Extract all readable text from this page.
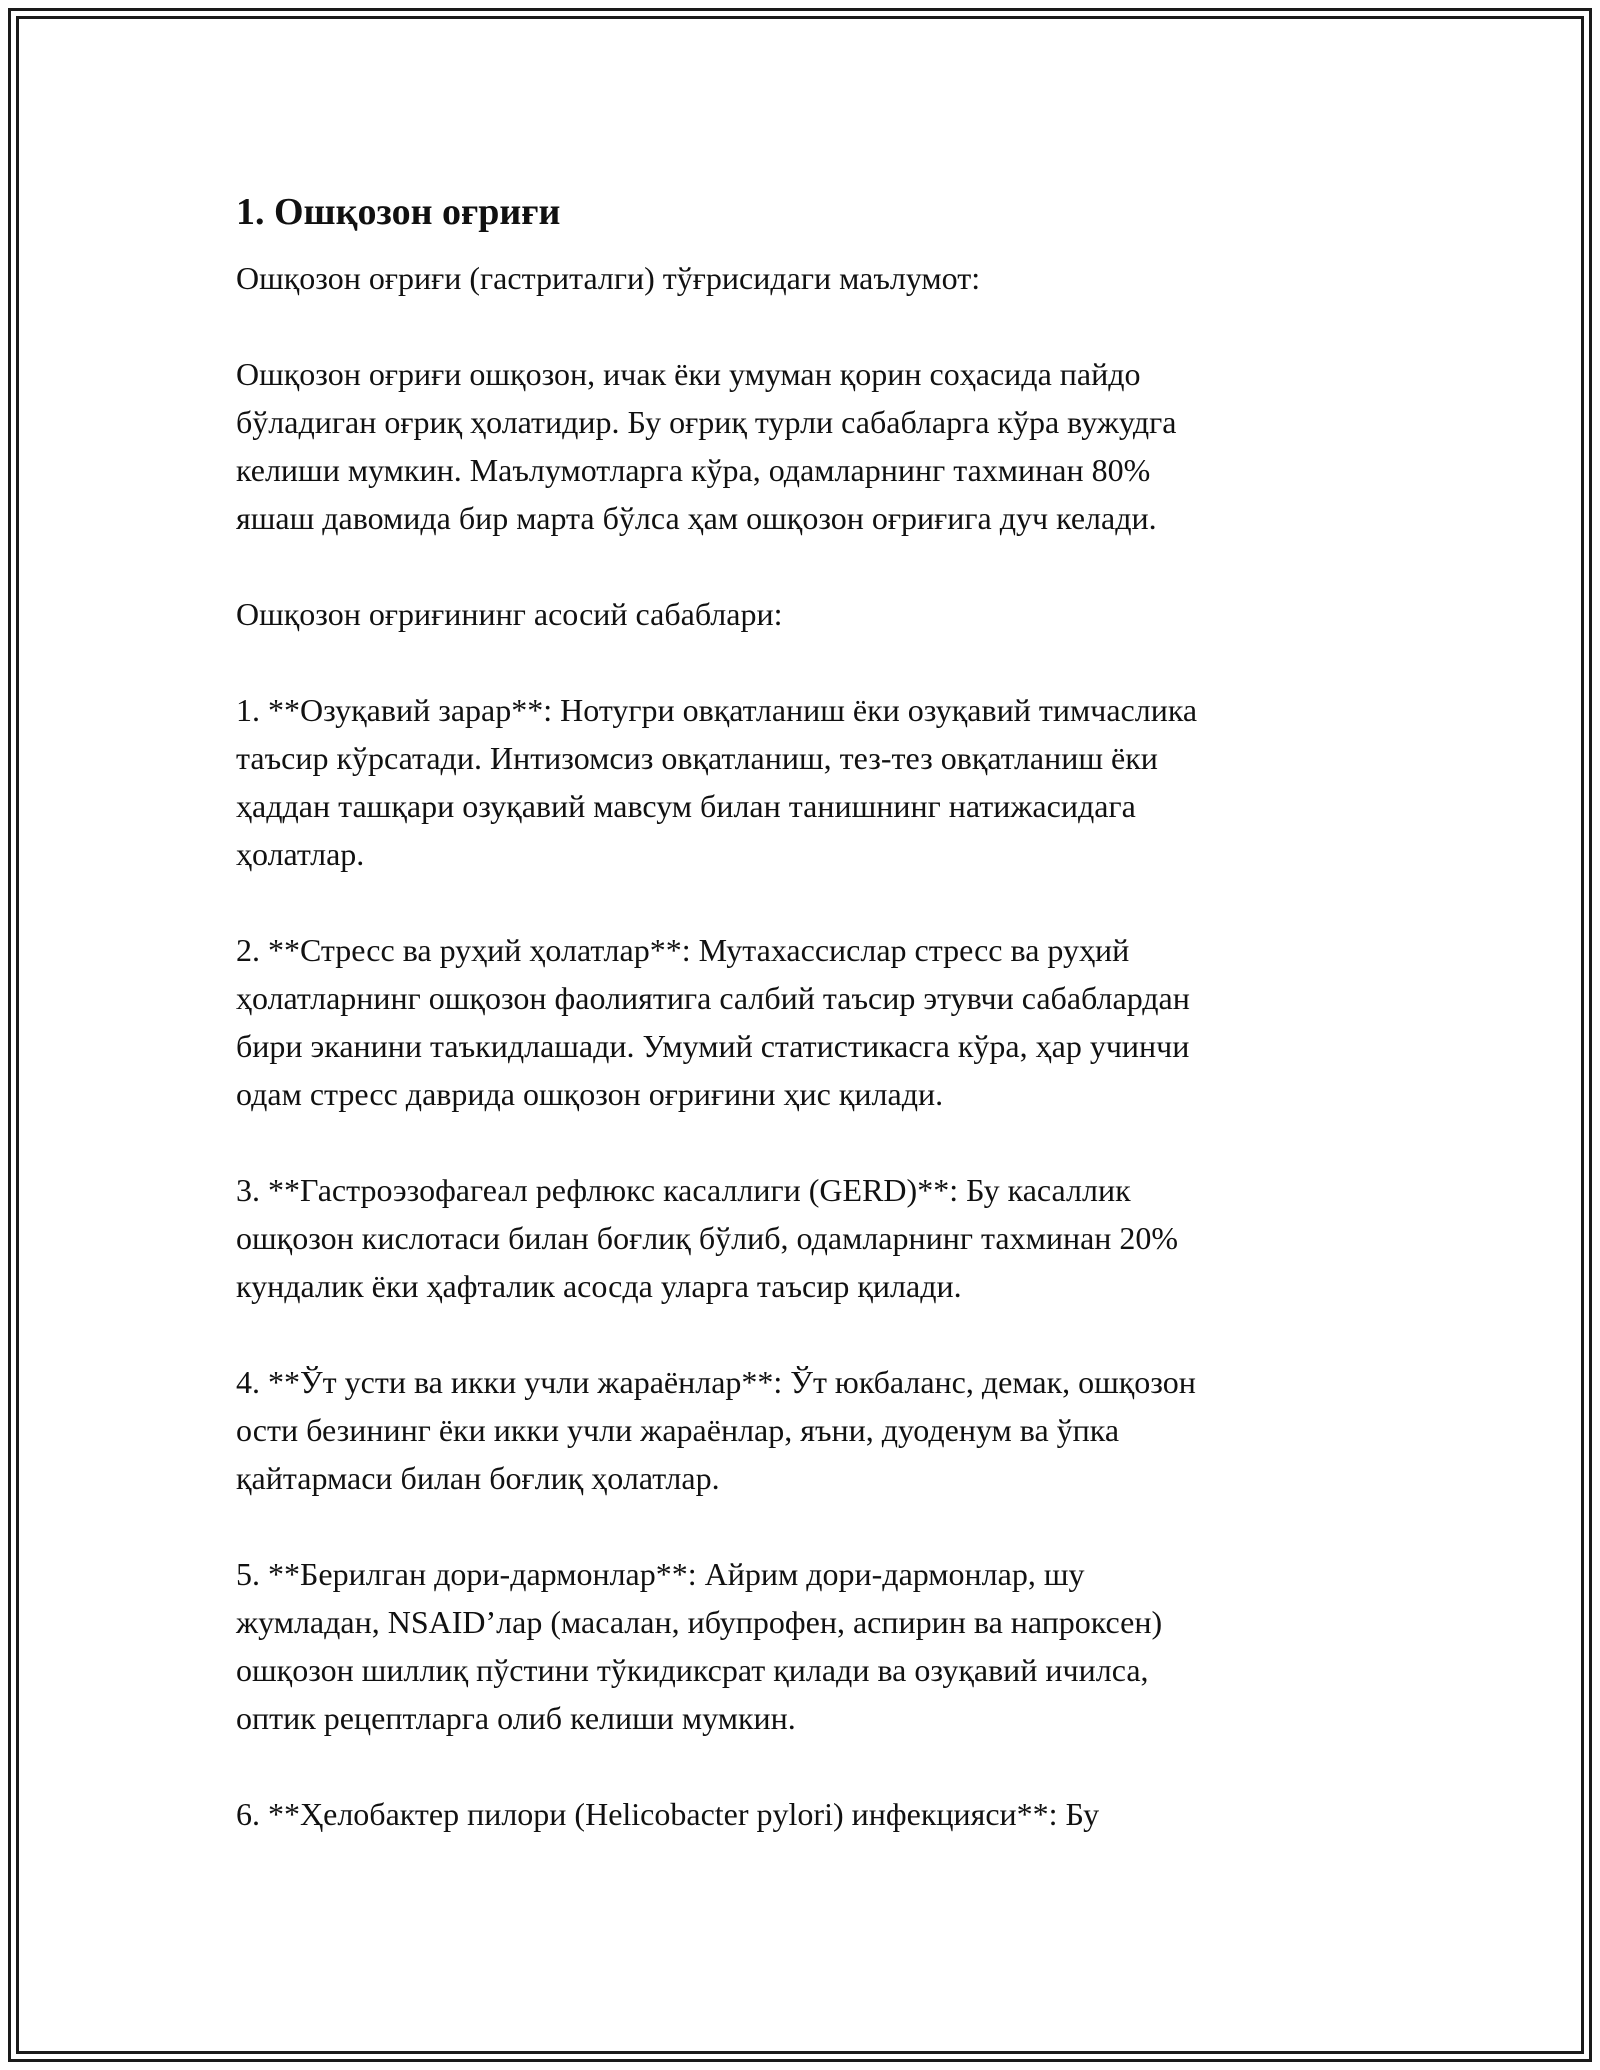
1. Ошқозон оғриғи

Ошқозон оғриғи (гастриталги) тўғрисидаги маълумот:

Ошқозон оғриғи ошқозон, ичак ёки умуман қорин соҳасида пайдо
бўладиган оғриқ ҳолатидир. Бу оғриқ турли сабабларга кўра вужудга
келиши мумкин. Маълумотларга кўра, одамларнинг тахминан 80%
яшаш давомида бир марта бўлса ҳам ошқозон оғриғига дуч келади.

Ошқозон оғриғининг асосий сабаблари:

1. **Озуқавий зарар**: Нотугри овқатланиш ёки озуқавий тимчаслика
таъсир кўрсатади. Интизомсиз овқатланиш, тез-тез овқатланиш ёки
ҳаддан ташқари озуқавий мавсум билан танишнинг натижасидага
ҳолатлар.

2. **Стресс ва руҳий ҳолатлар**: Мутахассислар стресс ва руҳий
ҳолатларнинг ошқозон фаолиятига салбий таъсир этувчи сабаблардан
бири эканини таъкидлашади. Умумий статистикасга кўра, ҳар учинчи
одам стресс даврида ошқозон оғриғини ҳис қилади.

3. **Гастроэзофагеал рефлюкс касаллиги (GERD)**: Бу касаллик
ошқозон кислотаси билан боғлиқ бўлиб, одамларнинг тахминан 20%
кундалик ёки ҳафталик асосда уларга таъсир қилади.

4. **Ўт усти ва икки учли жараёнлар**: Ўт юкбаланс, демак, ошқозон
ости безининг ёки икки учли жараёнлар, яъни, дуоденум ва ўпка
қайтармаси билан боғлиқ ҳолатлар.

5. **Берилган дори-дармонлар**: Айрим дори-дармонлар, шу
жумладан, NSAID’лар (масалан, ибупрофен, аспирин ва напроксен)
ошқозон шиллиқ пўстини тўкидиксрат қилади ва озуқавий ичилса,
оптик рецептларга олиб келиши мумкин.

6. **Ҳелобактер пилори (Helicobacter pylori) инфекцияси**: Бу
